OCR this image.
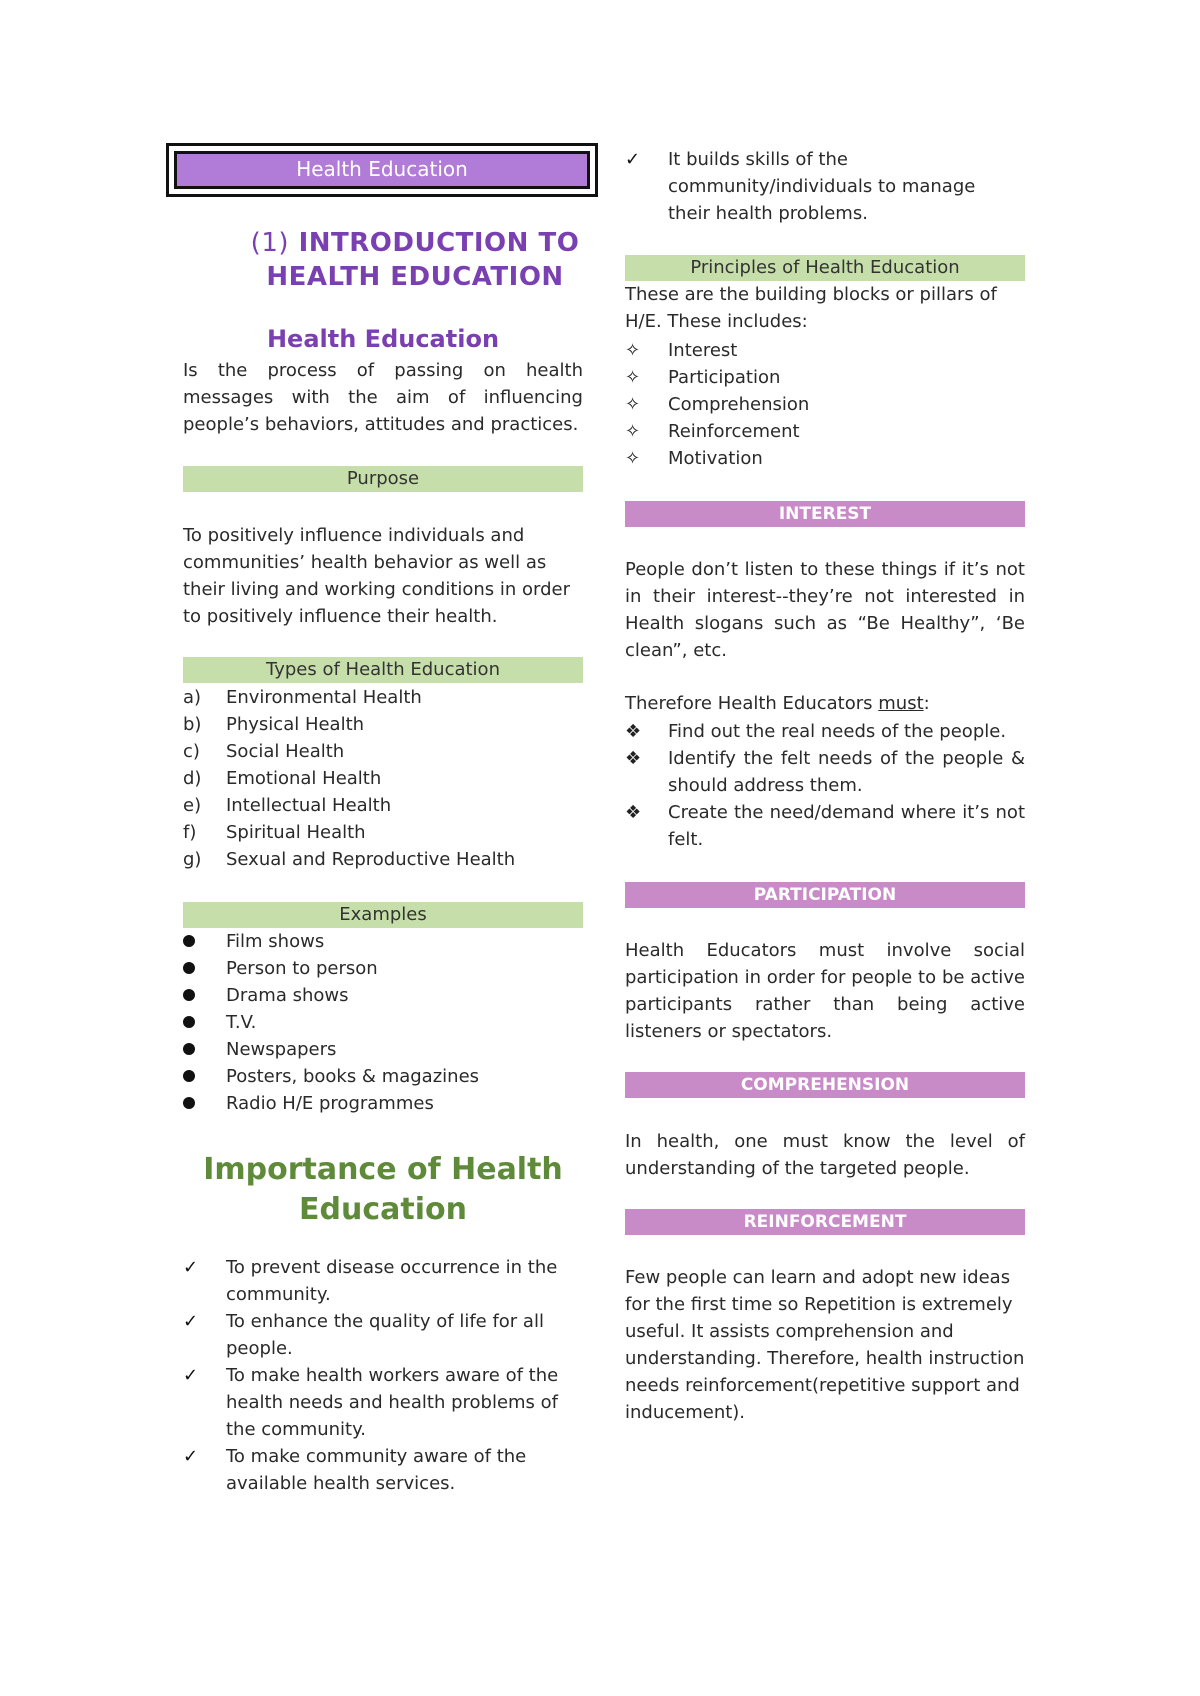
Health Education
(1) INTRODUCTION TO
HEALTH EDUCATION
Health Education
Is the process of passing on health messages with the aim of influencing people’s behaviors, attitudes and practices.
Purpose
To positively influence individuals and communities’ health behavior as well as their living and working conditions in order to positively influence their health.
Types of Health Education
a)	Environmental Health
b)	Physical Health
c)	Social Health
d)	Emotional Health
e)	Intellectual Health
f)	Spiritual Health
g)	Sexual and Reproductive Health
Examples
Film shows
Person to person
Drama shows
T.V.
Newspapers
Posters, books & magazines
Radio H/E programmes
Importance of Health
Education
✓	To prevent disease occurrence in the community.
✓	To enhance the quality of life for all people.
✓	To make health workers aware of the health needs and health problems of the community.
✓	To make community aware of the available health services.
✓	It builds skills of the community/individuals to manage their health problems.
Principles of Health Education
These are the building blocks or pillars of H/E. These includes:
✧	Interest
✧	Participation
✧	Comprehension
✧	Reinforcement
✧	Motivation
INTEREST
People don’t listen to these things if it’s not in their interest--they’re not interested in Health slogans such as “Be Healthy”, ‘Be clean”, etc.
Therefore Health Educators must:
❖	Find out the real needs of the people.
❖	Identify the felt needs of the people & should address them.
❖	Create the need/demand where it’s not felt.
PARTICIPATION
Health Educators must involve social participation in order for people to be active participants rather than being active listeners or spectators.
COMPREHENSION
In health, one must know the level of understanding of the targeted people.
REINFORCEMENT
Few people can learn and adopt new ideas for the first time so Repetition is extremely useful. It assists comprehension and understanding. Therefore, health instruction needs reinforcement(repetitive support and inducement).
